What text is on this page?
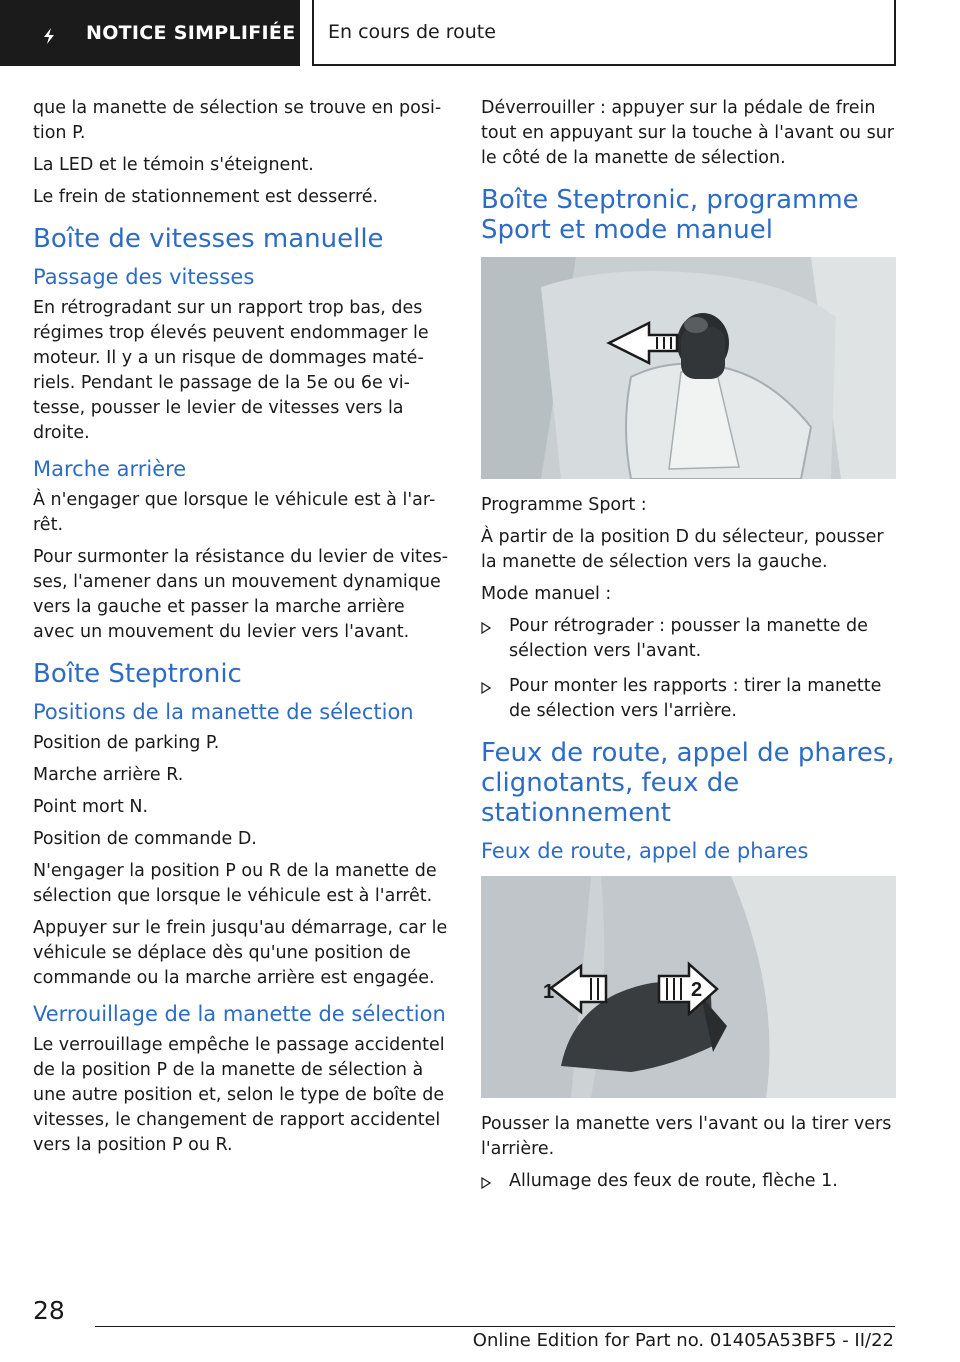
NOTICE SIMPLIFIÉE En cours de route

que la manette de sélection se trouve en posi-tion P.

La LED et le témoin s'éteignent.

Le frein de stationnement est desserré.

Boîte de vitesses manuelle
Passage des vitesses

En rétrogradant sur un rapport trop bas, des régimes trop élevés peuvent endommager le moteur. Il y a un risque de dommages maté-riels. Pendant le passage de la 5e ou 6e vi-tesse, pousser le levier de vitesses vers la droite.

Marche arrière

À n'engager que lorsque le véhicule est à l'ar-rêt.

Pour surmonter la résistance du levier de vites-ses, l'amener dans un mouvement dynamique vers la gauche et passer la marche arrière avec un mouvement du levier vers l'avant.

Boîte Steptronic
Positions de la manette de sélection

Position de parking P.

Marche arrière R.

Point mort N.

Position de commande D.

N'engager la position P ou R de la manette de sélection que lorsque le véhicule est à l'arrêt.

Appuyer sur le frein jusqu'au démarrage, car le véhicule se déplace dès qu'une position de commande ou la marche arrière est engagée.

Verrouillage de la manette de sélection

Le verrouillage empêche le passage accidentel de la position P de la manette de sélection à une autre position et, selon le type de boîte de vitesses, le changement de rapport accidentel vers la position P ou R.

Déverrouiller : appuyer sur la pédale de frein tout en appuyant sur la touche à l'avant ou sur le côté de la manette de sélection.

Boîte Steptronic, programme Sport et mode manuel

Programme Sport :

À partir de la position D du sélecteur, pousser la manette de sélection vers la gauche.

Mode manuel :

Pour rétrograder : pousser la manette de sélection vers l'avant.
Pour monter les rapports : tirer la manette de sélection vers l'arrière.
Feux de route, appel de phares, clignotants, feux de stationnement
Feux de route, appel de phares
1	2

Pousser la manette vers l'avant ou la tirer vers l'arrière.

Allumage des feux de route, flèche 1.
28
Online Edition for Part no. 01405A53BF5 - II/22
